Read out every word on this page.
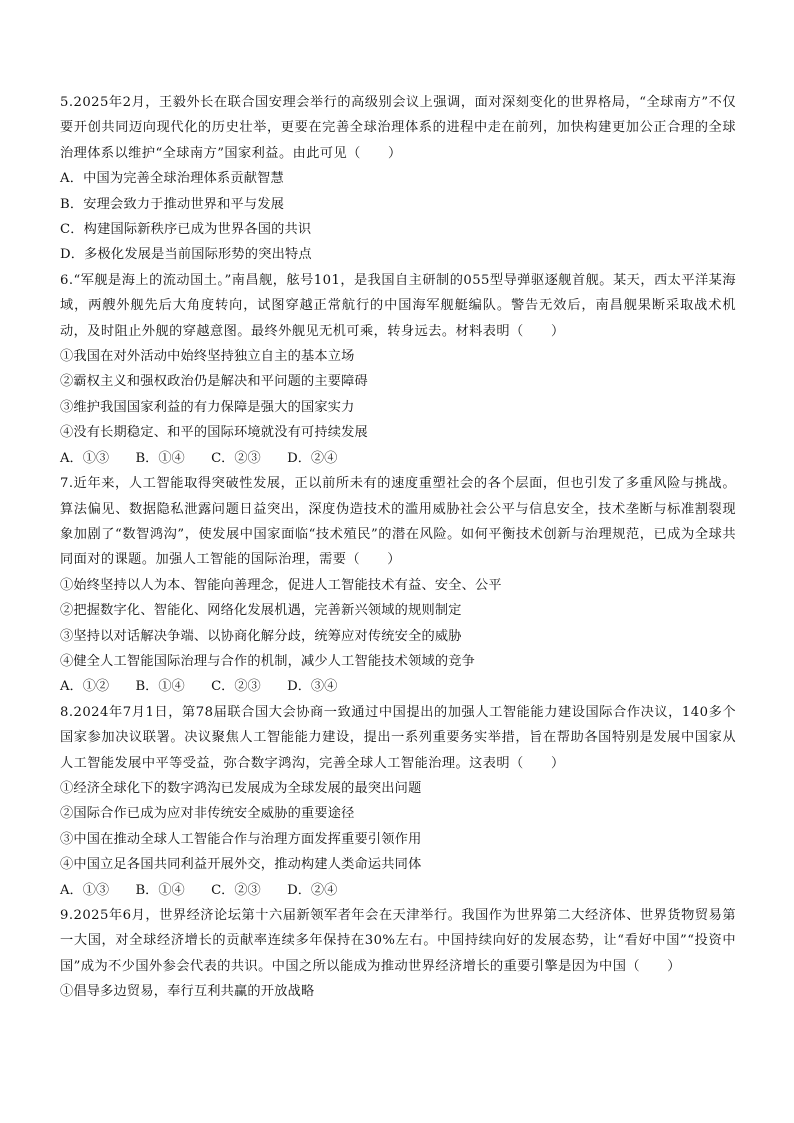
5.2025年2月，王毅外长在联合国安理会举行的高级别会议上强调，面对深刻变化的世界格局，“全球南方”不仅要开创共同迈向现代化的历史壮举，更要在完善全球治理体系的进程中走在前列，加快构建更加公正合理的全球治理体系以维护“全球南方”国家利益。由此可见（　　）

A．中国为完善全球治理体系贡献智慧

B．安理会致力于推动世界和平与发展

C．构建国际新秩序已成为世界各国的共识

D．多极化发展是当前国际形势的突出特点

6.“军舰是海上的流动国土。”南昌舰，舷号101，是我国自主研制的055型导弹驱逐舰首舰。某天，西太平洋某海域，两艘外舰先后大角度转向，试图穿越正常航行的中国海军舰艇编队。警告无效后，南昌舰果断采取战术机动，及时阻止外舰的穿越意图。最终外舰见无机可乘，转身远去。材料表明（　　）

①我国在对外活动中始终坚持独立自主的基本立场

②霸权主义和强权政治仍是解决和平问题的主要障碍

③维护我国国家利益的有力保障是强大的国家实力

④没有长期稳定、和平的国际环境就没有可持续发展

A．①③　　B．①④　　C．②③　　D．②④

7.近年来，人工智能取得突破性发展，正以前所未有的速度重塑社会的各个层面，但也引发了多重风险与挑战。算法偏见、数据隐私泄露问题日益突出，深度伪造技术的滥用威胁社会公平与信息安全，技术垄断与标准割裂现象加剧了“数智鸿沟”，使发展中国家面临“技术殖民”的潜在风险。如何平衡技术创新与治理规范，已成为全球共同面对的课题。加强人工智能的国际治理，需要（　　）

①始终坚持以人为本、智能向善理念，促进人工智能技术有益、安全、公平

②把握数字化、智能化、网络化发展机遇，完善新兴领域的规则制定

③坚持以对话解决争端、以协商化解分歧，统筹应对传统安全的威胁

④健全人工智能国际治理与合作的机制，减少人工智能技术领域的竞争

A．①②　　B．①④　　C．②③　　D．③④

8.2024年7月1日，第78届联合国大会协商一致通过中国提出的加强人工智能能力建设国际合作决议，140多个国家参加决议联署。决议聚焦人工智能能力建设，提出一系列重要务实举措，旨在帮助各国特别是发展中国家从人工智能发展中平等受益，弥合数字鸿沟，完善全球人工智能治理。这表明（　　）

①经济全球化下的数字鸿沟已发展成为全球发展的最突出问题

②国际合作已成为应对非传统安全威胁的重要途径

③中国在推动全球人工智能合作与治理方面发挥重要引领作用

④中国立足各国共同利益开展外交，推动构建人类命运共同体

A．①③　　B．①④　　C．②③　　D．②④

9.2025年6月，世界经济论坛第十六届新领军者年会在天津举行。我国作为世界第二大经济体、世界货物贸易第一大国，对全球经济增长的贡献率连续多年保持在30%左右。中国持续向好的发展态势，让“看好中国”“投资中国”成为不少国外参会代表的共识。中国之所以能成为推动世界经济增长的重要引擎是因为中国（　　）

①倡导多边贸易，奉行互利共赢的开放战略
